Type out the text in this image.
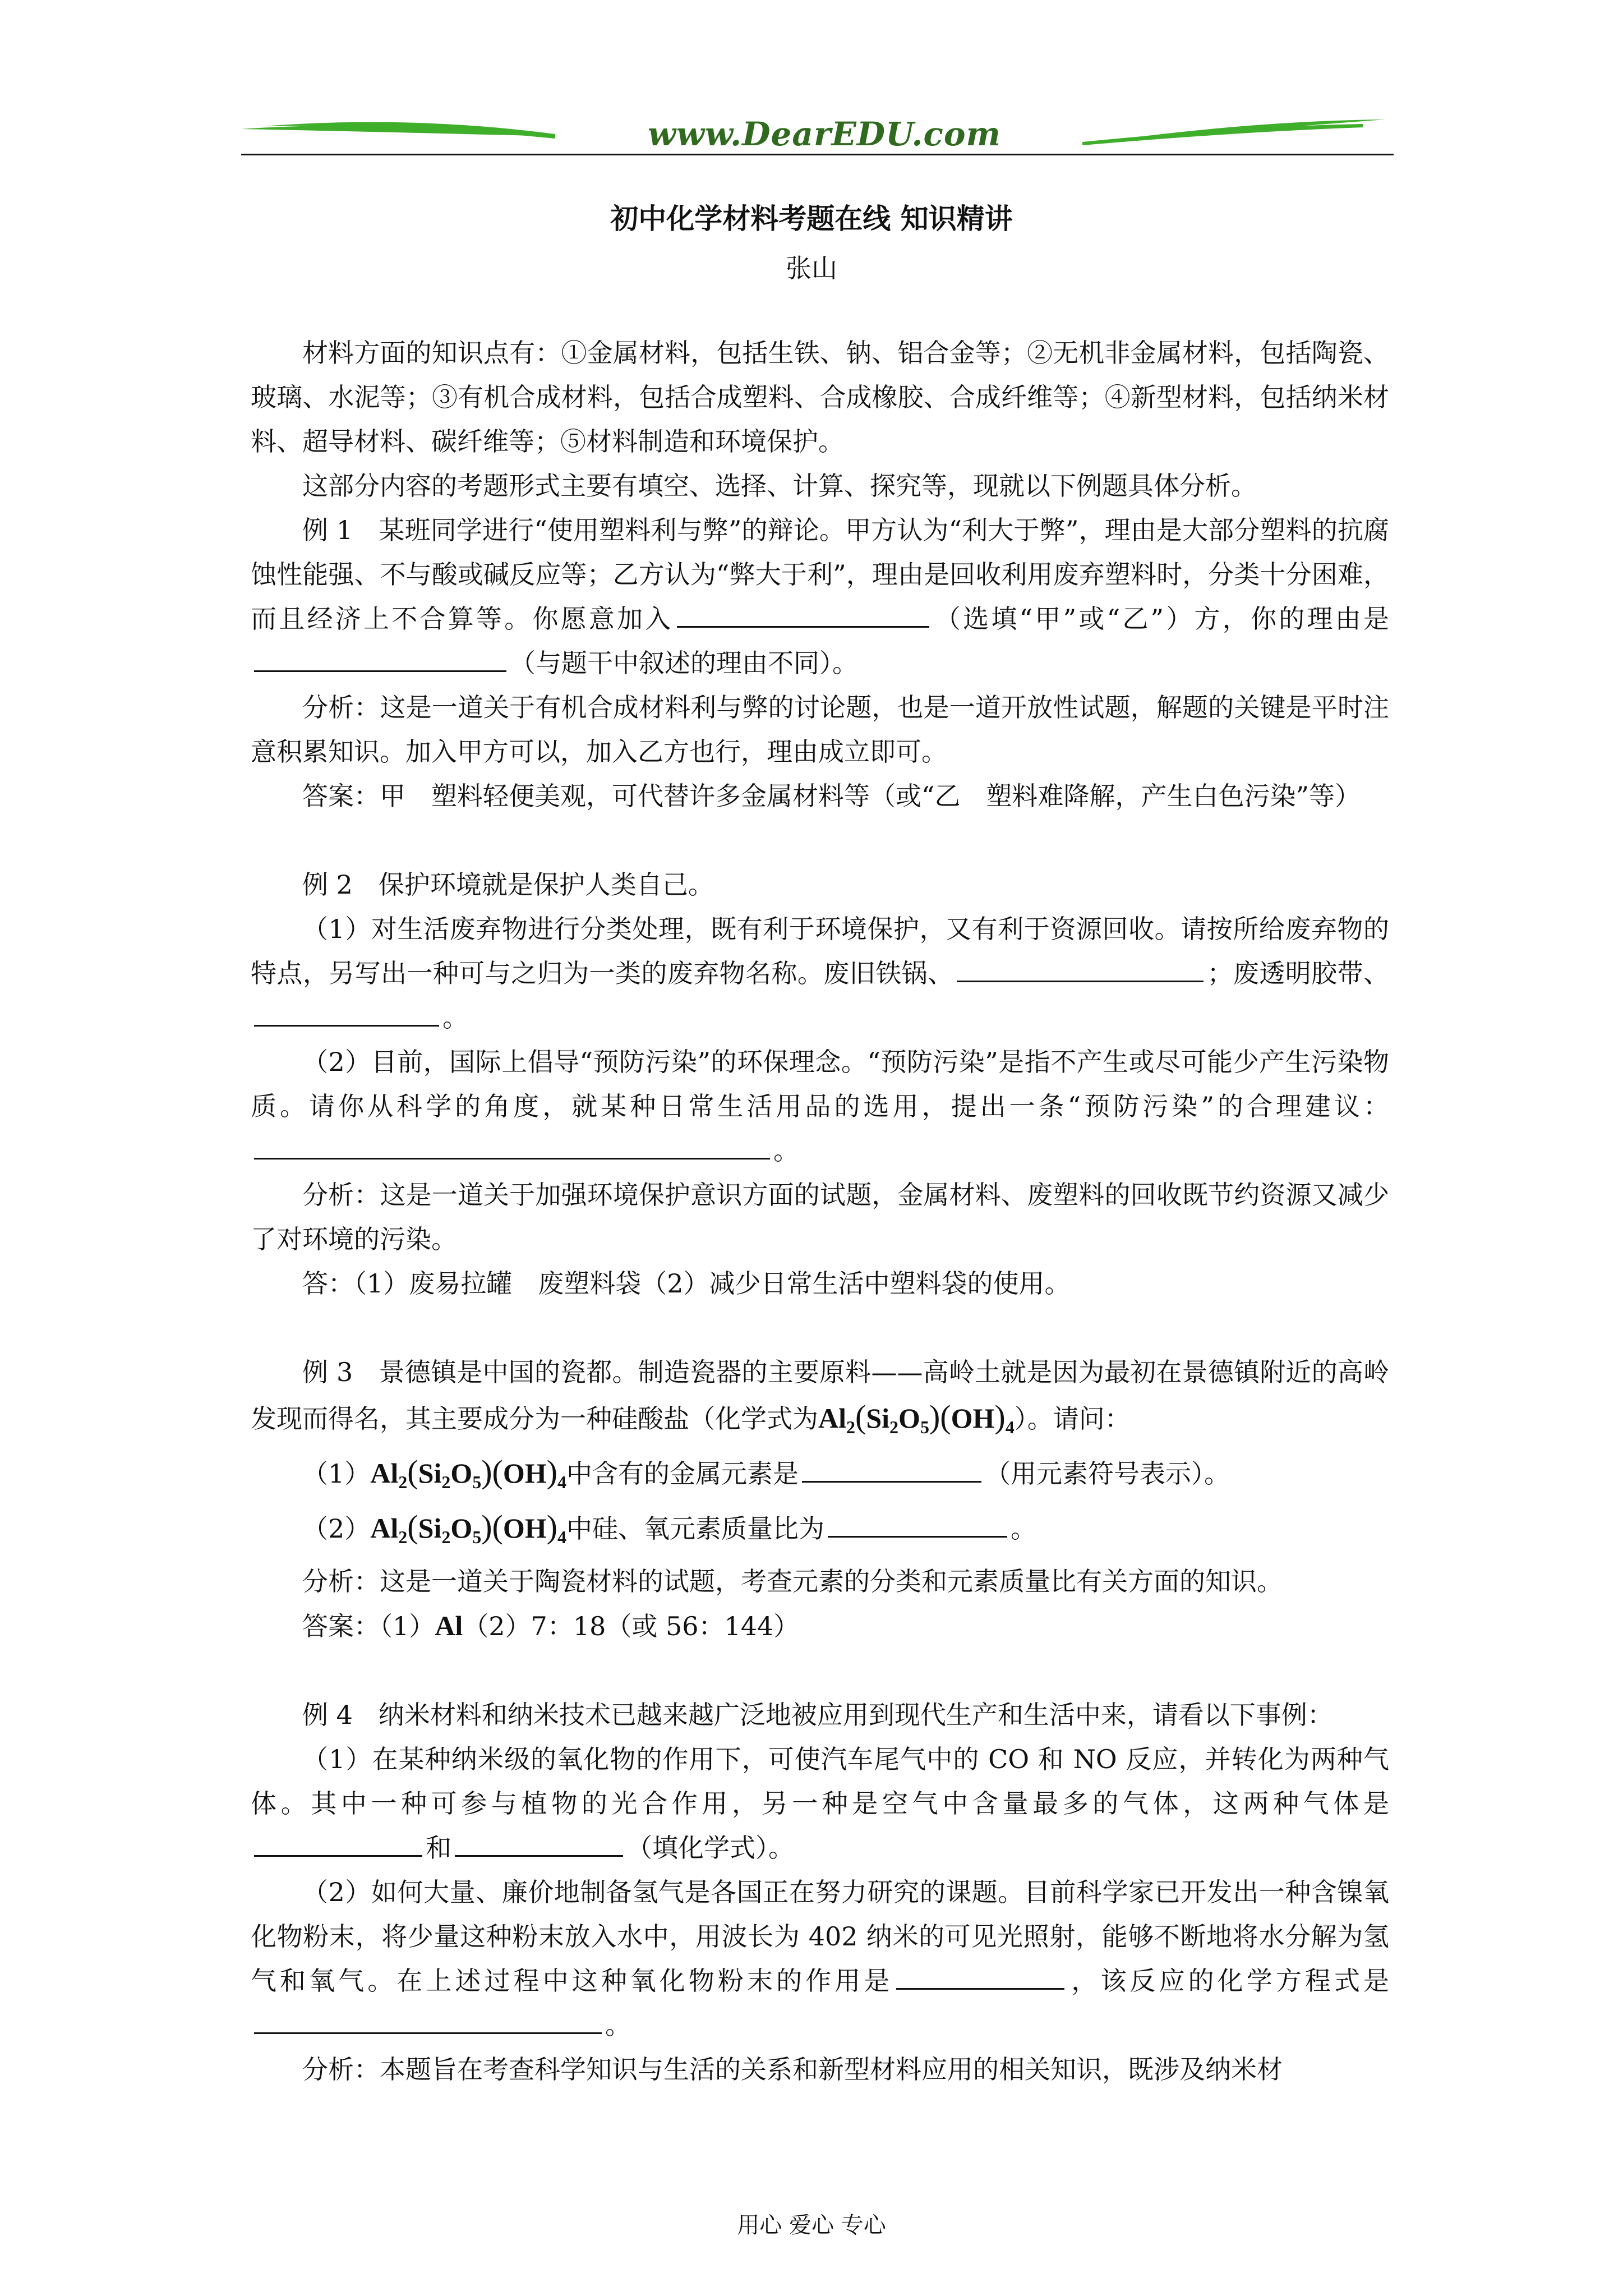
www.DearEDU.com
初中化学材料考题在线 知识精讲
张山

材料方面的知识点有：①金属材料，包括生铁、钠、铝合金等；②无机非金属材料，包括陶瓷、玻璃、水泥等；③有机合成材料，包括合成塑料、合成橡胶、合成纤维等；④新型材料，包括纳米材料、超导材料、碳纤维等；⑤材料制造和环境保护。

这部分内容的考题形式主要有填空、选择、计算、探究等，现就以下例题具体分析。

例 1　某班同学进行“使用塑料利与弊”的辩论。甲方认为“利大于弊”，理由是大部分塑料的抗腐蚀性能强、不与酸或碱反应等；乙方认为“弊大于利”，理由是回收利用废弃塑料时，分类十分困难，而且经济上不合算等。你愿意加入	（选填“甲”或“乙”）方，你的理由是（与题干中叙述的理由不同）。

分析：这是一道关于有机合成材料利与弊的讨论题，也是一道开放性试题，解题的关键是平时注意积累知识。加入甲方可以，加入乙方也行，理由成立即可。

答案：甲　塑料轻便美观，可代替许多金属材料等（或“乙　塑料难降解，产生白色污染”等）

例 2　保护环境就是保护人类自己。

（1）对生活废弃物进行分类处理，既有利于环境保护，又有利于资源回收。请按所给废弃物的特点，另写出一种可与之归为一类的废弃物名称。废旧铁锅、	；废透明胶带、。

（2）目前，国际上倡导“预防污染”的环保理念。“预防污染”是指不产生或尽可能少产生污染物质。请你从科学的角度，就某种日常生活用品的选用，提出一条“预防污染”的合理建议：。

分析：这是一道关于加强环境保护意识方面的试题，金属材料、废塑料的回收既节约资源又减少了对环境的污染。

答：（1）废易拉罐　废塑料袋（2）减少日常生活中塑料袋的使用。

例 3　景德镇是中国的瓷都。制造瓷器的主要原料——高岭土就是因为最初在景德镇附近的高岭发现而得名，其主要成分为一种硅酸盐（化学式为$Al_2(Si_2O_5)(OH)_4$）。请问：

$(1)Al_2(Si_2O_5)(OH)_4$中含有的金属元素是	（用元素符号表示）。

$(2)Al_2(Si_2O_5)(OH)_4$中硅、氧元素质量比为	。

分析：这是一道关于陶瓷材料的试题，考查元素的分类和元素质量比有关方面的知识。

答案：（1）Al（2）7：18（或 56：144）

例 4　纳米材料和纳米技术已越来越广泛地被应用到现代生产和生活中来，请看以下事例：

（1）在某种纳米级的氧化物的作用下，可使汽车尾气中的 CO 和 NO 反应，并转化为两种气体。其中一种可参与植物的光合作用，另一种是空气中含量最多的气体，这两种气体是和	（填化学式）。

（2）如何大量、廉价地制备氢气是各国正在努力研究的课题。目前科学家已开发出一种含镍氧化物粉末，将少量这种粉末放入水中，用波长为 402 纳米的可见光照射，能够不断地将水分解为氢气和氧气。在上述过程中这种氧化物粉末的作用是	，该反应的化学方程式是。

分析：本题旨在考查科学知识与生活的关系和新型材料应用的相关知识，既涉及纳米材

用心 爱心 专心
